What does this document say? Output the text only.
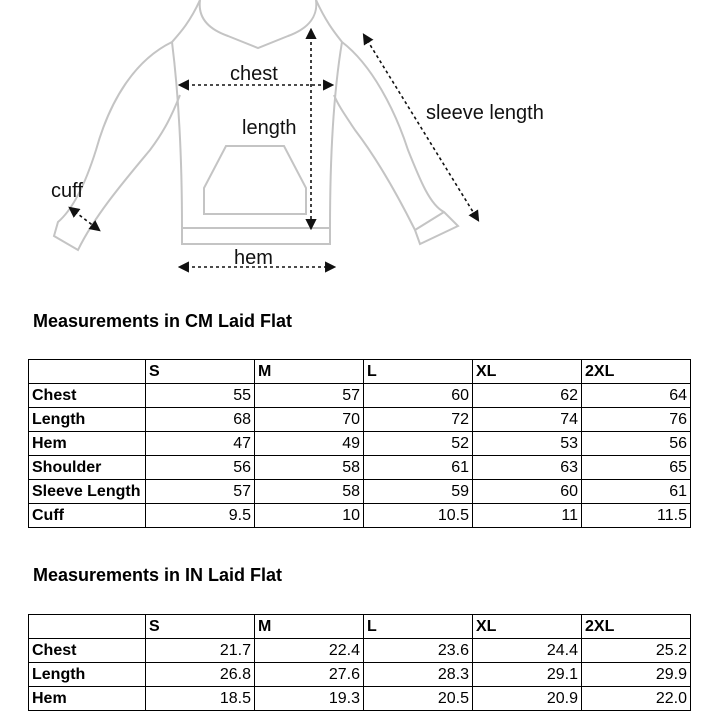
chest
length
sleeve length
cuff
hem
Measurements in CM Laid Flat
	S	M	L	XL	2XL
Chest	55	57	60	62	64
Length	68	70	72	74	76
Hem	47	49	52	53	56
Shoulder	56	58	61	63	65
Sleeve Length	57	58	59	60	61
Cuff	9.5	10	10.5	11	11.5
Measurements in IN Laid Flat
	S	M	L	XL	2XL
Chest	21.7	22.4	23.6	24.4	25.2
Length	26.8	27.6	28.3	29.1	29.9
Hem	18.5	19.3	20.5	20.9	22.0
